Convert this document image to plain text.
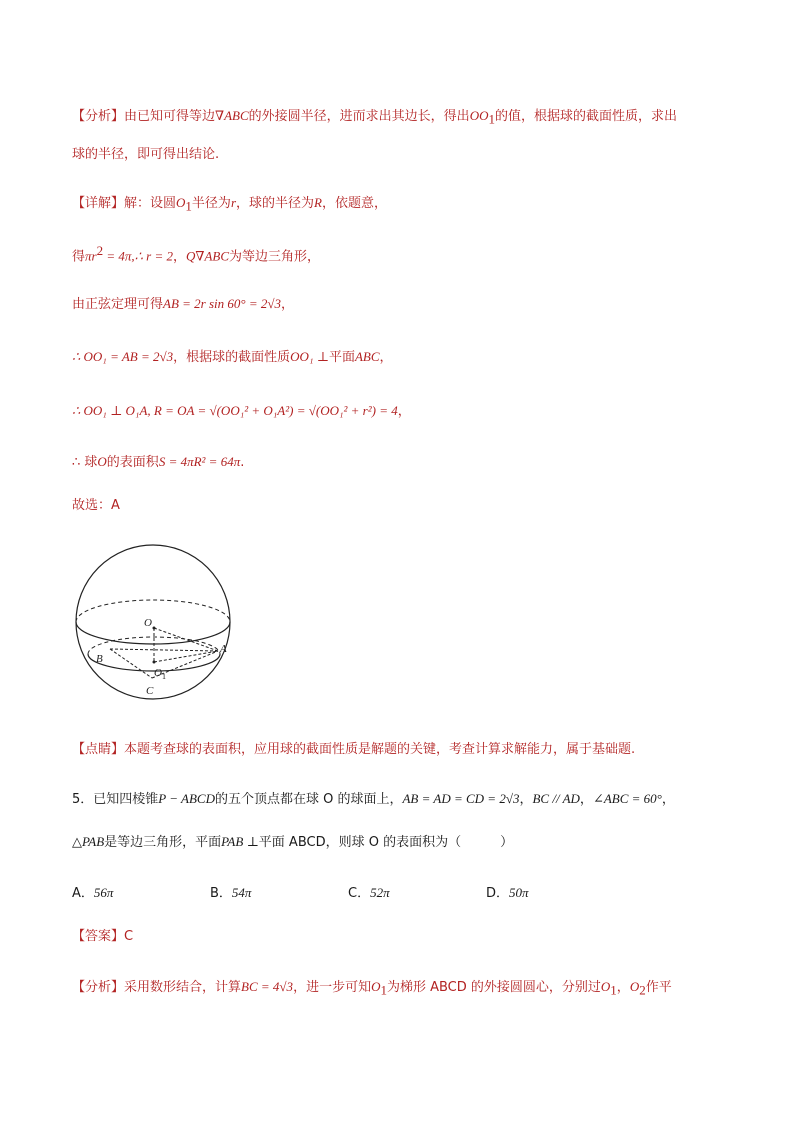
【分析】由已知可得等边∇ABC的外接圆半径，进而求出其边长，得出$OO_1$的值，根据球的截面性质，求出
球的半径，即可得出结论.
【详解】解：设圆$O_1$半径为r，球的半径为R，依题意，
得$\pi r^2$ = 4π,∴ r = 2，Q∇ABC为等边三角形，
由正弦定理可得AB = 2r sin 60° = 2√3，
∴ OO₁ = AB = 2√3，根据球的截面性质OO₁ ⊥平面ABC，
∴ OO₁ ⊥ O₁A, R = OA = √(OO₁² + O₁A²) = √(OO₁² + r²) = 4，
∴ 球O的表面积S = 4πR² = 64π.
故选：A
O
A
B
C
O 1
【点睛】本题考查球的表面积，应用球的截面性质是解题的关键，考查计算求解能力，属于基础题.
5．已知四棱锥P − ABCD的五个顶点都在球 O 的球面上，AB = AD = CD = 2√3，BC // AD，∠ABC = 60°，
△PAB是等边三角形，平面PAB ⊥平面 ABCD，则球 O 的表面积为（　　　）
A．56π	B．54π	C．52π	D．50π
【答案】C
【分析】采用数形结合，计算BC = 4√3，进一步可知$O_1$为梯形 ABCD 的外接圆圆心，分别过$O_1$，$O_2$作平
